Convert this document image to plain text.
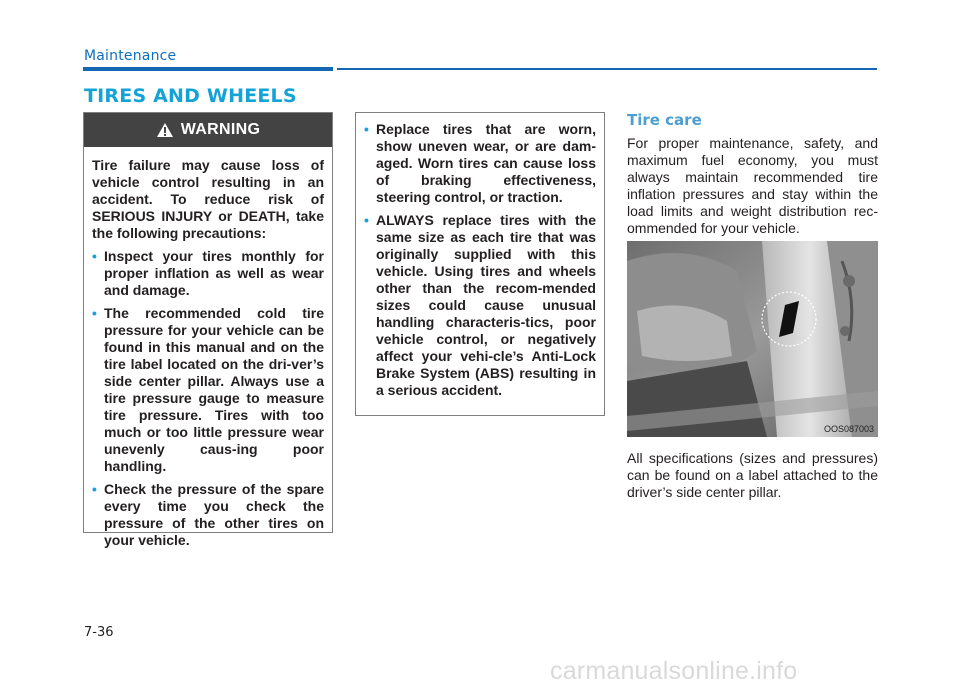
Maintenance
TIRES AND WHEELS
WARNING
Tire failure may cause loss of vehicle control resulting in an accident. To reduce risk of SERIOUS INJURY or DEATH, take the following precautions:
• Inspect your tires monthly for proper inflation as well as wear and damage.
• The recommended cold tire pressure for your vehicle can be found in this manual and on the tire label located on the dri-ver’s side center pillar. Always use a tire pressure gauge to measure tire pressure. Tires with too much or too little pressure wear unevenly caus-ing poor handling.
• Check the pressure of the spare every time you check the pressure of the other tires on your vehicle.
• Replace tires that are worn, show uneven wear, or are dam-aged. Worn tires can cause loss of braking effectiveness, steering control, or traction.
• ALWAYS replace tires with the same size as each tire that was originally supplied with this vehicle. Using tires and wheels other than the recom-mended sizes could cause unusual handling characteris-tics, poor vehicle control, or negatively affect your vehi-cle’s Anti-Lock Brake System (ABS) resulting in a serious accident.
Tire care
For proper maintenance, safety, and maximum fuel economy, you must always maintain recommended tire inflation pressures and stay within the load limits and weight distribution rec-ommended for your vehicle.
OOS087003
All specifications (sizes and pressures) can be found on a label attached to the driver’s side center pillar.
7-36
carmanualsonline.info
